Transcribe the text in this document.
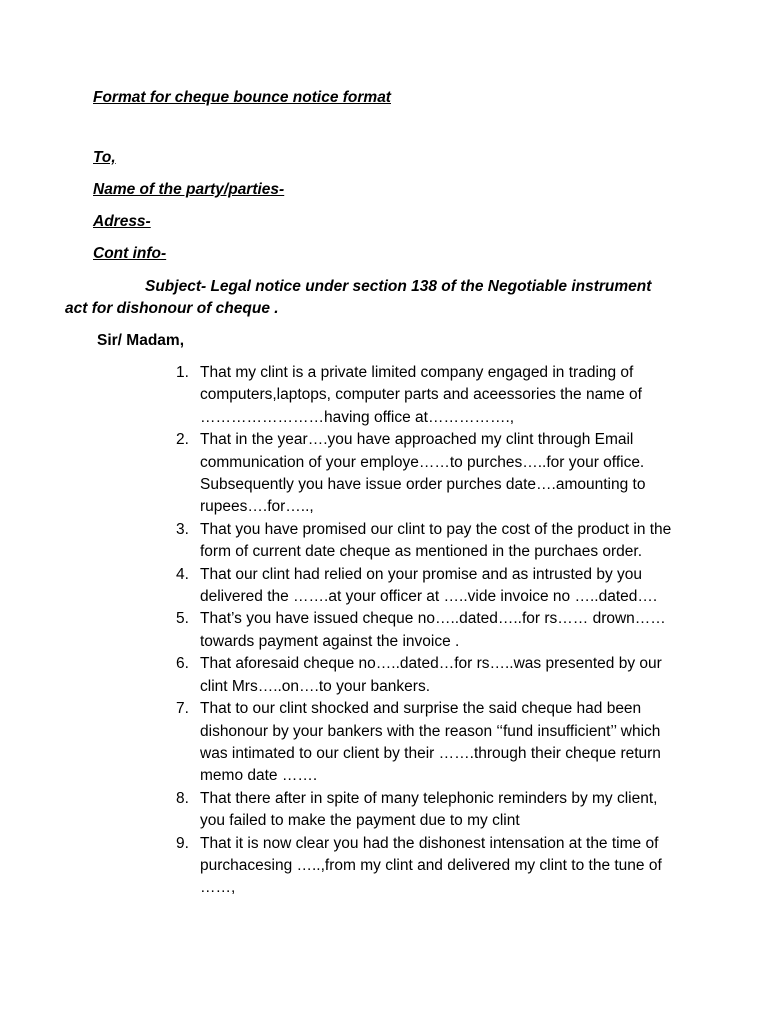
Format for cheque bounce notice format
To,
Name of the party/parties-
Adress-
Cont info-
Subject- Legal notice under section 138 of the Negotiable instrument act for dishonour of cheque .
Sir/ Madam,
1. That my clint is a private limited company engaged in trading of computers,laptops, computer parts and aceessories the name of ……………………having office at…………….,
2. That in the year….you have approached my clint through Email communication of your employe……to purches…..for your office. Subsequently you have issue order purches date….amounting to rupees….for…..,
3. That you have promised our clint to pay the cost of the product in the form of current date cheque as mentioned in the purchaes order.
4. That our clint had relied on your promise and as intrusted by you delivered the …….at your officer at …..vide invoice no …..dated….
5. That’s you have issued cheque no…..dated…..for rs…… drown…… towards payment against the invoice .
6. That aforesaid cheque no…..dated…for rs…..was presented by our clint Mrs…..on….to your bankers.
7. That to our clint shocked and surprise the said cheque had been dishonour by your bankers with the reason ‘‘fund insufficient’’ which was intimated to our client by their …….through their cheque return memo date …….
8. That there after in spite of many telephonic reminders by my client, you failed to make the payment due to my clint
9. That it is now clear you had the dishonest intensation at the time of purchacesing …..,from my clint and delivered my clint to the tune of ……,
